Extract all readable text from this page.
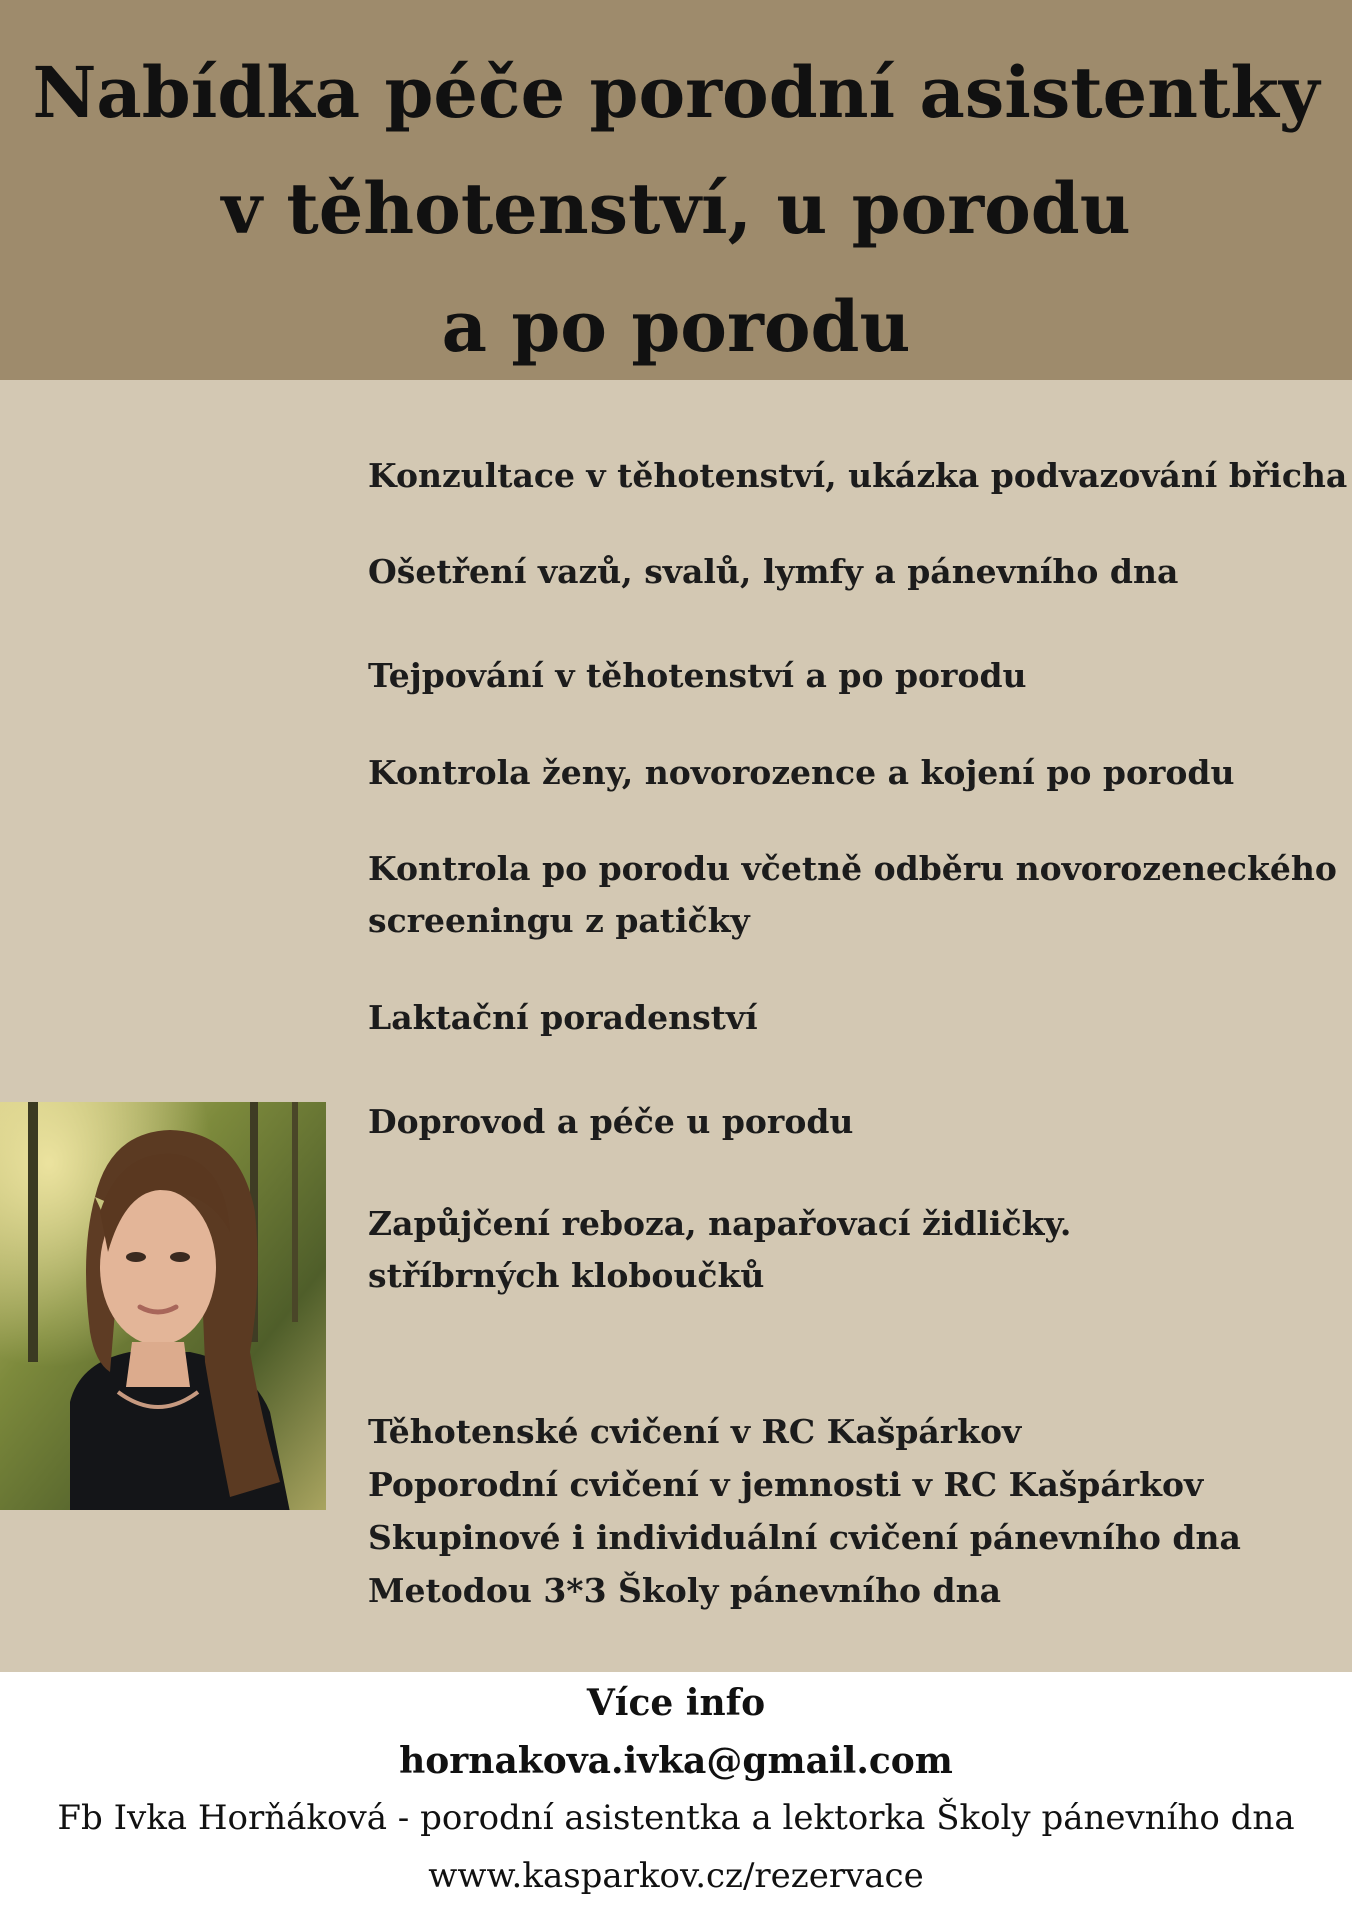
Nabídka péče porodní asistentky
v těhotenství, u porodu
a po porodu
Konzultace v těhotenství, ukázka podvazování břicha
Ošetření vazů, svalů, lymfy a pánevního dna
Tejpování v těhotenství a po porodu
Kontrola ženy, novorozence a kojení po porodu
Kontrola po porodu včetně odběru novorozeneckého
screeningu z patičky
Laktační poradenství
Doprovod a péče u porodu
Zapůjčení reboza, napařovací židličky.
stříbrných kloboučků
Těhotenské cvičení v RC Kašpárkov
Poporodní cvičení v jemnosti v RC Kašpárkov
Skupinové i individuální cvičení pánevního dna
Metodou 3*3 Školy pánevního dna
Více info
hornakova.ivka@gmail.com
Fb Ivka Horňáková - porodní asistentka a lektorka Školy pánevního dna
www.kasparkov.cz/rezervace
